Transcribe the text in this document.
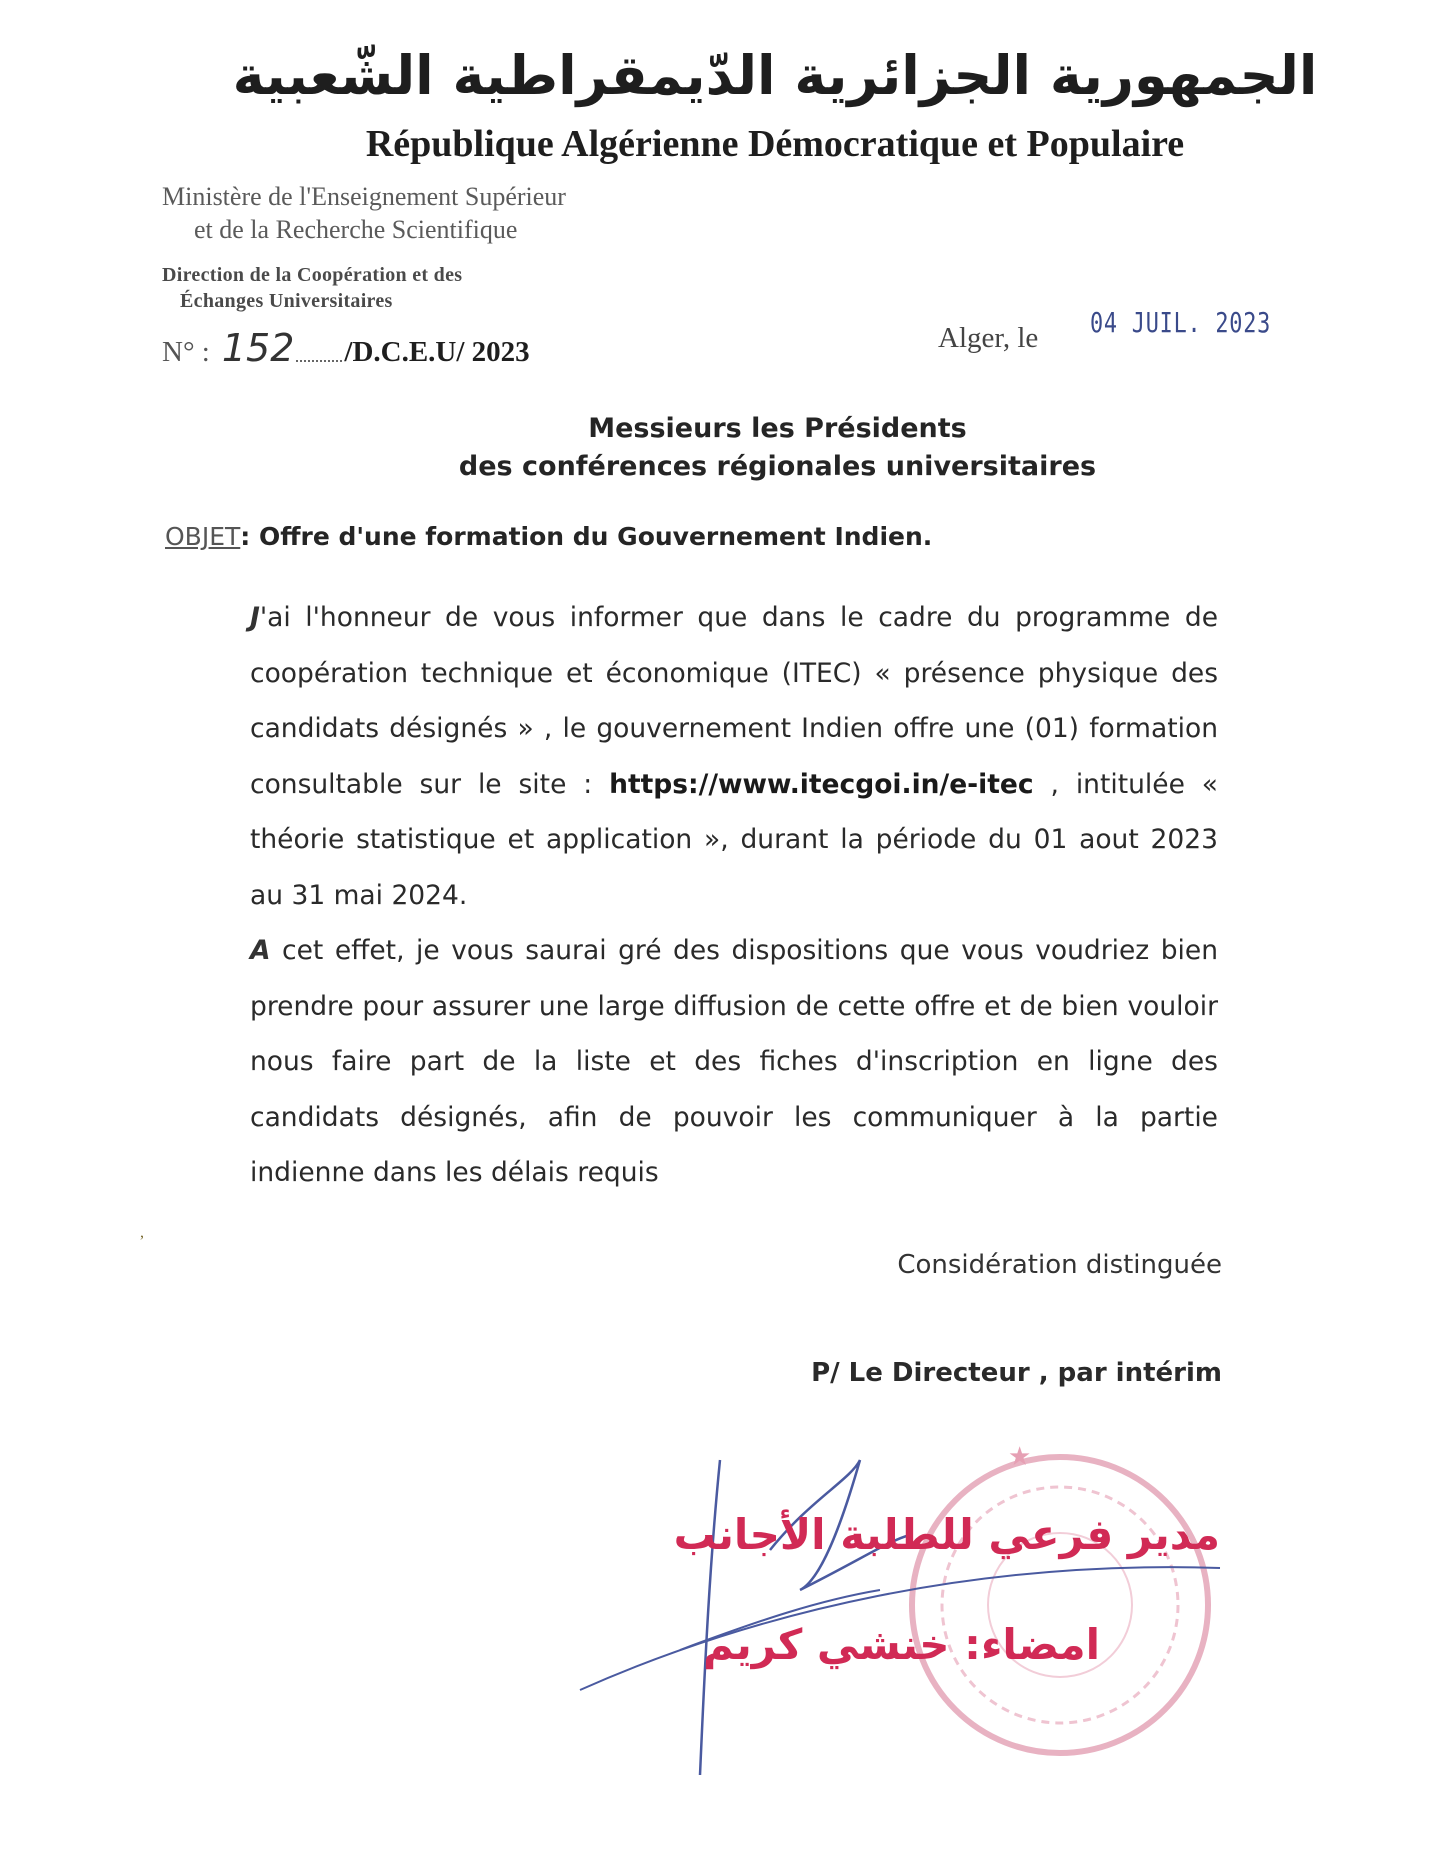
الجمهورية الجزائرية الدّيمقراطية الشّعبية
République Algérienne Démocratique et Populaire
Ministère de l'Enseignement Supérieur
et de la Recherche Scientifique
Direction de la Coopération et des
Échanges Universitaires
N° : 152 /D.C.E.U/ 2023	Alger, le 04 JUIL. 2023
Messieurs les Présidents
des conférences régionales universitaires
OBJET: Offre d'une formation du Gouvernement Indien.

J'ai l'honneur de vous informer que dans le cadre du programme de coopération technique et économique (ITEC) « présence physique des candidats désignés » , le gouvernement Indien offre une (01) formation consultable sur le site : https://www.itecgoi.in/e-itec , intitulée « théorie statistique et application », durant la période du 01 aout 2023 au 31 mai 2024.

A cet effet, je vous saurai gré des dispositions que vous voudriez bien prendre pour assurer une large diffusion de cette offre et de bien vouloir nous faire part de la liste et des fiches d'inscription en ligne des candidats désignés, afin de pouvoir les communiquer à la partie indienne dans les délais requis

,
Considération distinguée
P/ Le Directeur , par intérim
★
مدير فرعي للطلبة الأجانب
امضاء: خنشي كريم
